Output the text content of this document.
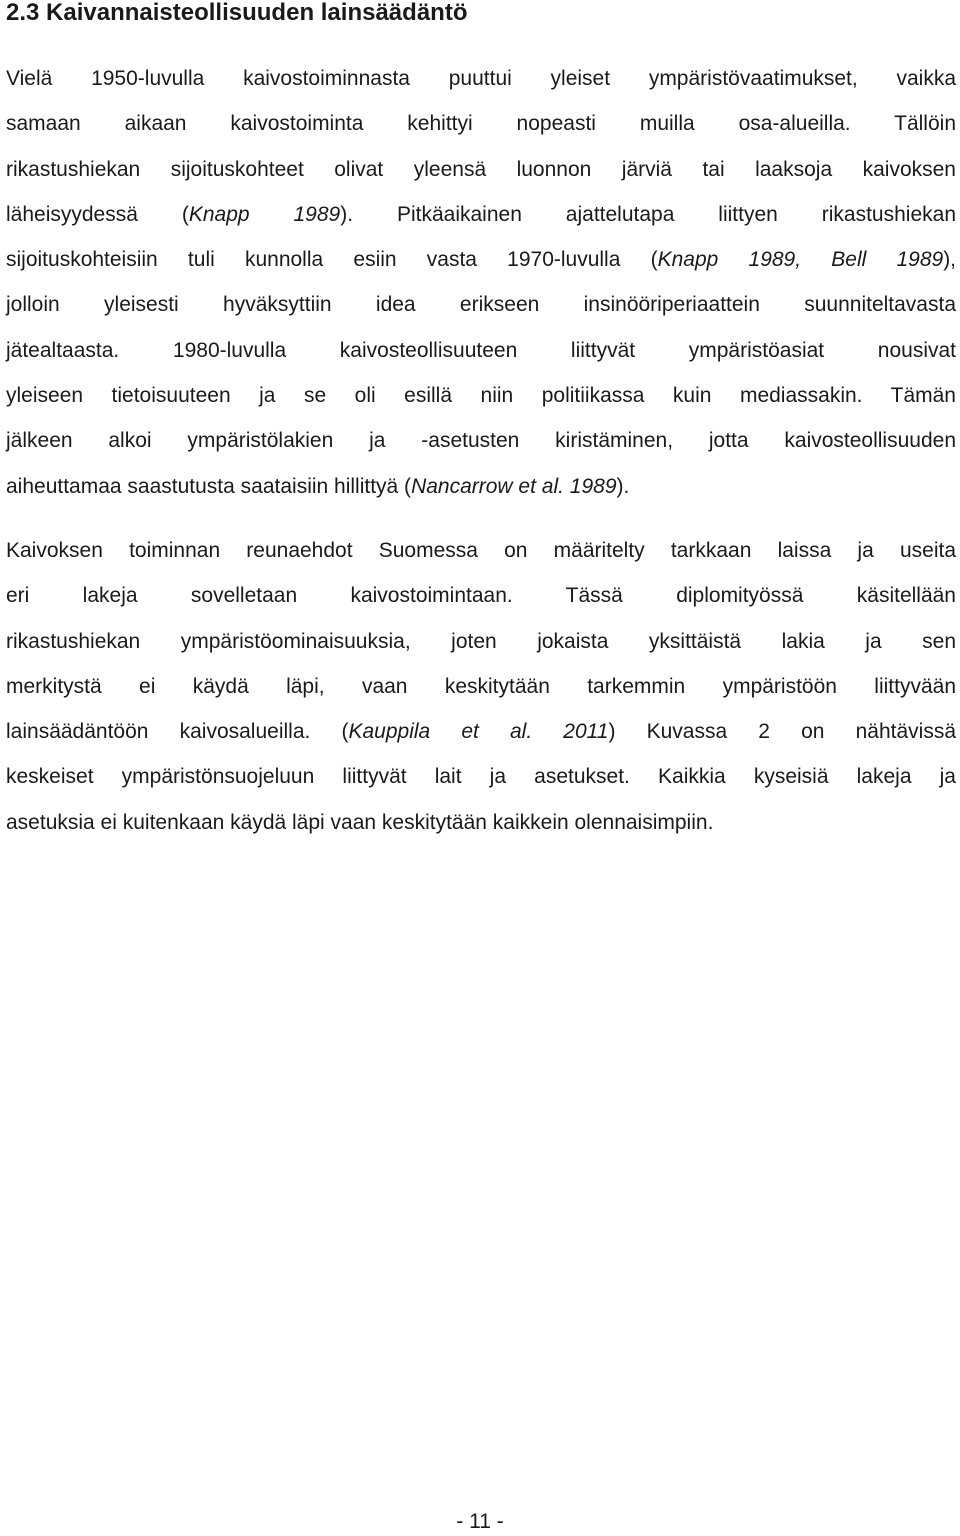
2.3 Kaivannaisteollisuuden lainsäädäntö

Vielä 1950-luvulla kaivostoiminnasta puuttui yleiset ympäristövaatimukset, vaikka
samaan aikaan kaivostoiminta kehittyi nopeasti muilla osa-alueilla. Tällöin
rikastushiekan sijoituskohteet olivat yleensä luonnon järviä tai laaksoja kaivoksen
läheisyydessä (Knapp 1989). Pitkäaikainen ajattelutapa liittyen rikastushiekan
sijoituskohteisiin tuli kunnolla esiin vasta 1970-luvulla (Knapp 1989, Bell 1989),
jolloin yleisesti hyväksyttiin idea erikseen insinööriperiaattein suunniteltavasta
jätealtaasta. 1980-luvulla kaivosteollisuuteen liittyvät ympäristöasiat nousivat
yleiseen tietoisuuteen ja se oli esillä niin politiikassa kuin mediassakin. Tämän
jälkeen alkoi ympäristölakien ja -asetusten kiristäminen, jotta kaivosteollisuuden
aiheuttamaa saastutusta saataisiin hillittyä (Nancarrow et al. 1989).

Kaivoksen toiminnan reunaehdot Suomessa on määritelty tarkkaan laissa ja useita
eri lakeja sovelletaan kaivostoimintaan. Tässä diplomityössä käsitellään
rikastushiekan ympäristöominaisuuksia, joten jokaista yksittäistä lakia ja sen
merkitystä ei käydä läpi, vaan keskitytään tarkemmin ympäristöön liittyvään
lainsäädäntöön kaivosalueilla. (Kauppila et al. 2011) Kuvassa 2 on nähtävissä
keskeiset ympäristönsuojeluun liittyvät lait ja asetukset. Kaikkia kyseisiä lakeja ja
asetuksia ei kuitenkaan käydä läpi vaan keskitytään kaikkein olennaisimpiin.

- 11 -
